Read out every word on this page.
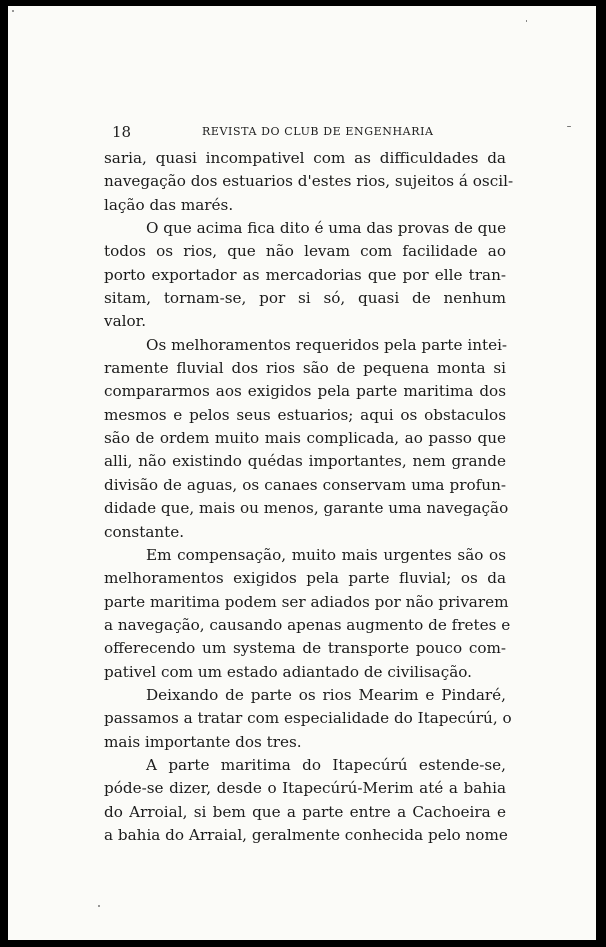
18	REVISTA DO CLUB DE ENGENHARIA
saria, quasi incompativel com as difficuldades da
navegação dos estuarios d'estes rios, sujeitos á oscil-
lação das marés.
O que acima fica dito é uma das provas de que
todos os rios, que não levam com facilidade ao
porto exportador as mercadorias que por elle tran-
sitam, tornam-se, por si só, quasi de nenhum
valor.
Os melhoramentos requeridos pela parte intei-
ramente fluvial dos rios são de pequena monta si
compararmos aos exigidos pela parte maritima dos
mesmos e pelos seus estuarios; aqui os obstaculos
são de ordem muito mais complicada, ao passo que
alli, não existindo quédas importantes, nem grande
divisão de aguas, os canaes conservam uma profun-
didade que, mais ou menos, garante uma navegação
constante.
Em compensação, muito mais urgentes são os
melhoramentos exigidos pela parte fluvial; os da
parte maritima podem ser adiados por não privarem
a navegação, causando apenas augmento de fretes e
offerecendo um systema de transporte pouco com-
pativel com um estado adiantado de civilisação.
Deixando de parte os rios Mearim e Pindaré,
passamos a tratar com especialidade do Itapecúrú, o
mais importante dos tres.
A parte maritima do Itapecúrú estende-se,
póde-se dizer, desde o Itapecúrú-Merim até a bahia
do Arroial, si bem que a parte entre a Cachoeira e
a bahia do Arraial, geralmente conhecida pelo nome
